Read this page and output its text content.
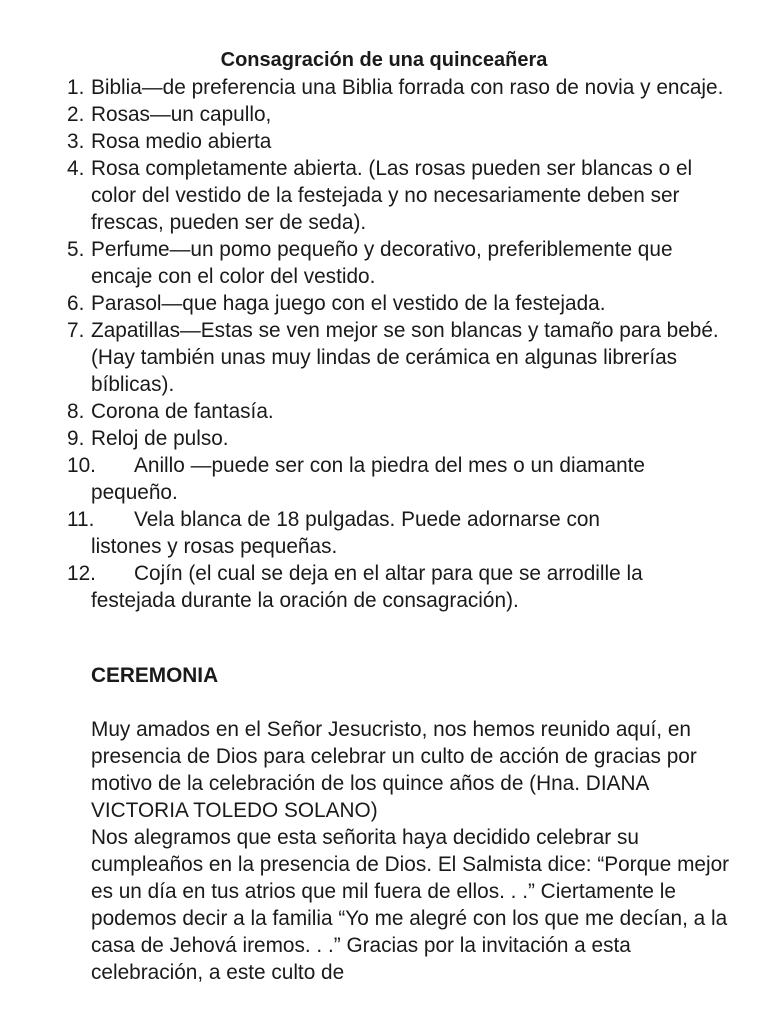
Consagración de una quinceañera
1. Biblia—de preferencia una Biblia forrada con raso de novia y encaje.
2. Rosas—un capullo,
3. Rosa medio abierta
4. Rosa completamente abierta. (Las rosas pueden ser blancas o el color del vestido de la festejada y no necesariamente deben ser frescas, pueden ser de seda).
5. Perfume—un pomo pequeño y decorativo, preferiblemente que encaje con el color del vestido.
6. Parasol—que haga juego con el vestido de la festejada.
7. Zapatillas—Estas se ven mejor se son blancas y tamaño para bebé. (Hay también unas muy lindas de cerámica en algunas librerías bíblicas).
8. Corona de fantasía.
9. Reloj de pulso.
10. Anillo —puede ser con la piedra del mes o un diamante
pequeño.
11. Vela blanca de 18 pulgadas. Puede adornarse con
listones y rosas pequeñas.
12. Cojín (el cual se deja en el altar para que se arrodille la
festejada durante la oración de consagración).
CEREMONIA

Muy amados en el Señor Jesucristo, nos hemos reunido aquí, en presencia de Dios para celebrar un culto de acción de gracias por motivo de la celebración de los quince años de (Hna. DIANA VICTORIA TOLEDO SOLANO)

Nos alegramos que esta señorita haya decidido celebrar su cumpleaños en la presencia de Dios. El Salmista dice: “Porque mejor es un día en tus atrios que mil fuera de ellos. . .” Ciertamente le podemos decir a la familia “Yo me alegré con los que me decían, a la casa de Jehová iremos. . .” Gracias por la invitación a esta celebración, a este culto de
